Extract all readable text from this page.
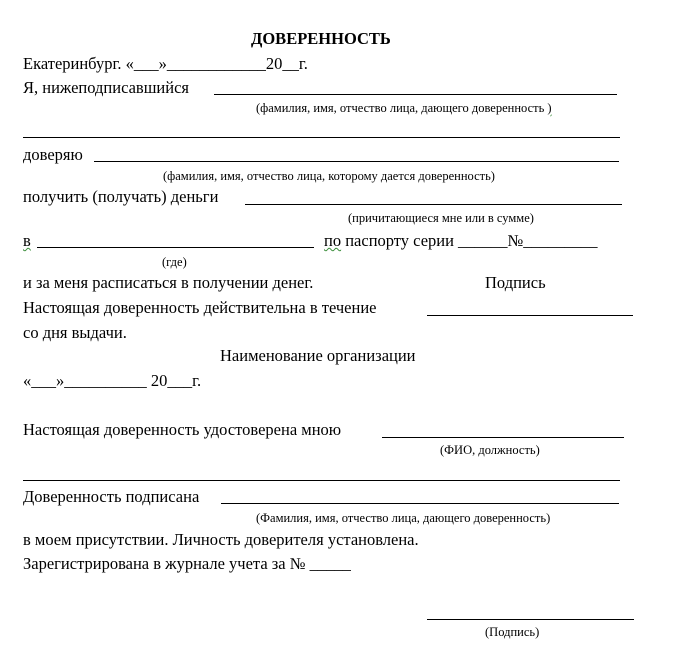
ДОВЕРЕННОСТЬ
Екатеринбург. «___»____________20__г.
Я, нижеподписавшийся
(фамилия, имя, отчество лица, дающего доверенность )
доверяю
(фамилия, имя, отчество лица, которому дается доверенность)
получить (получать) деньги
(причитающиеся мне или в сумме)
в	по паспорту серии ______№_________
(где)
и за меня расписаться в получении денег.	Подпись
Настоящая доверенность действительна в течение
со дня выдачи.
Наименование организации
«___»__________ 20___г.
Настоящая доверенность удостоверена мною
(ФИО, должность)
Доверенность подписана
(Фамилия, имя, отчество лица, дающего доверенность)
в моем присутствии. Личность доверителя установлена.
Зарегистрирована в журнале учета за № _____
(Подпись)
